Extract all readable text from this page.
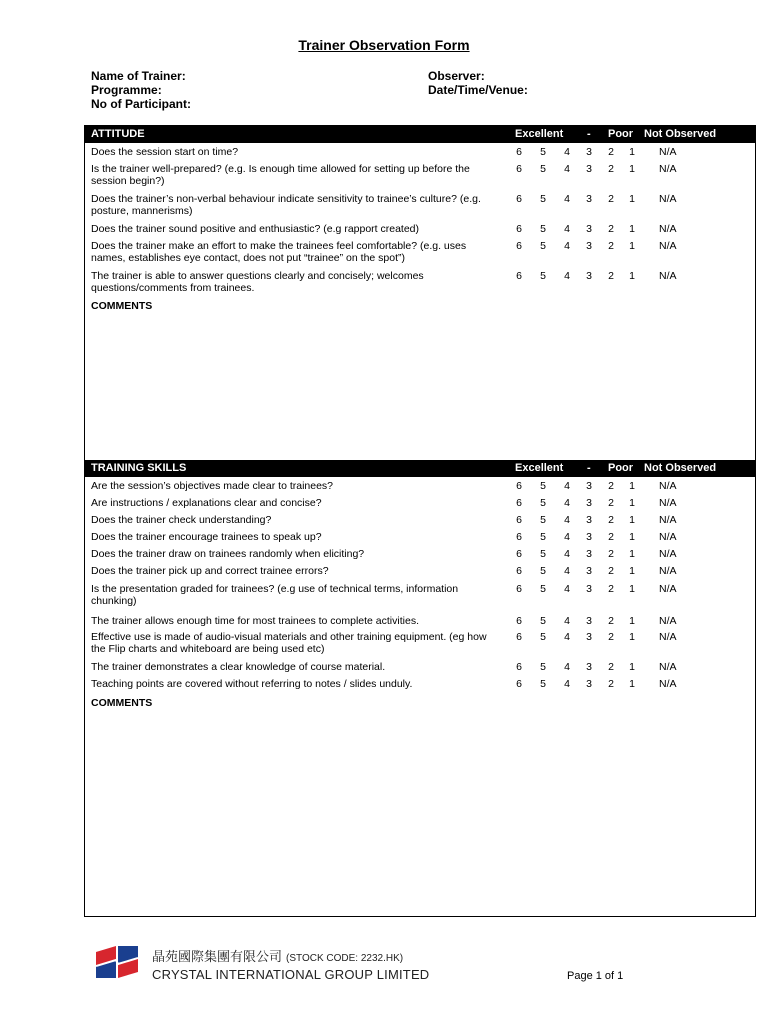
Trainer Observation Form
Name of Trainer:
Programme:
No of Participant:
Observer:
Date/Time/Venue:
ATTITUDE	Excellent - Poor Not Observed
Does the session start on time?	6 5 4 3 2 1 N/A
Is the trainer well-prepared? (e.g. Is enough time allowed for setting up before the session begin?)
6 5 4 3 2 1 N/A
Does the trainer’s non-verbal behaviour indicate sensitivity to trainee’s culture? (e.g. posture, mannerisms)
6 5 4 3 2 1 N/A
Does the trainer sound positive and enthusiastic? (e.g rapport created)	6 5 4 3 2 1 N/A
Does the trainer make an effort to make the trainees feel comfortable? (e.g. uses names, establishes eye contact, does not put “trainee” on the spot”)
6 5 4 3 2 1 N/A
The trainer is able to answer questions clearly and concisely; welcomes questions/comments from trainees.
6 5 4 3 2 1 N/A
COMMENTS
TRAINING SKILLS	Excellent - Poor Not Observed
Are the session’s objectives made clear to trainees?	6 5 4 3 2 1 N/A
Are instructions / explanations clear and concise?	6 5 4 3 2 1 N/A
Does the trainer check understanding?	6 5 4 3 2 1 N/A
Does the trainer encourage trainees to speak up?	6 5 4 3 2 1 N/A
Does the trainer draw on trainees randomly when eliciting?	6 5 4 3 2 1 N/A
Does the trainer pick up and correct trainee errors?	6 5 4 3 2 1 N/A
Is the presentation graded for trainees? (e.g use of technical terms, information chunking)
6 5 4 3 2 1 N/A
The trainer allows enough time for most trainees to complete activities.	6 5 4 3 2 1 N/A
Effective use is made of audio-visual materials and other training equipment. (eg how the Flip charts and whiteboard are being used etc)
6 5 4 3 2 1 N/A
The trainer demonstrates a clear knowledge of course material.	6 5 4 3 2 1 N/A
Teaching points are covered without referring to notes / slides unduly.	6 5 4 3 2 1 N/A
COMMENTS
晶苑國際集團有限公司 (STOCK CODE: 2232.HK)
CRYSTAL INTERNATIONAL GROUP LIMITED	Page 1 of 1
